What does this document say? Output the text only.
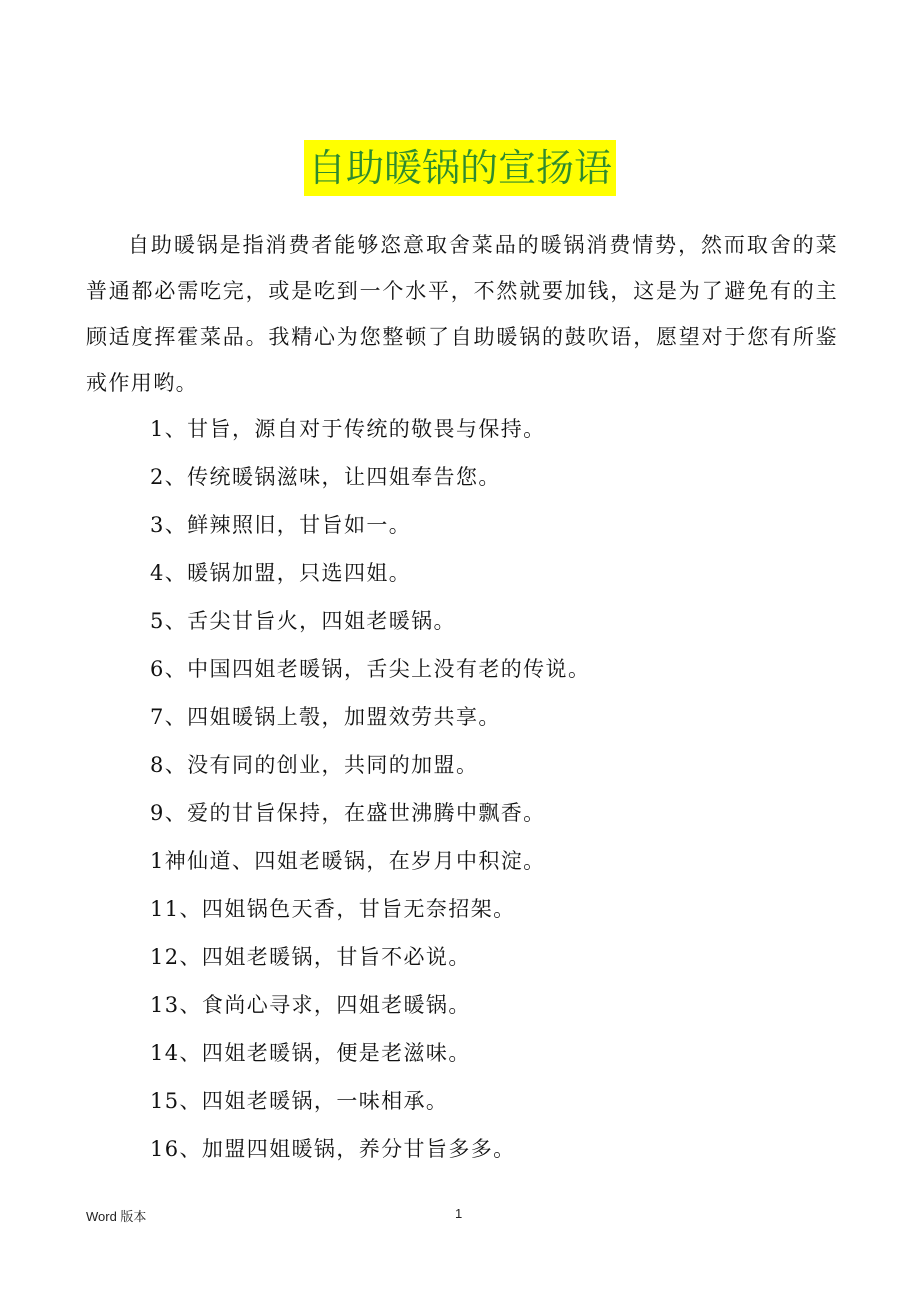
自助暖锅的宣扬语

自助暖锅是指消费者能够恣意取舍菜品的暖锅消费情势，然而取舍的菜普通都必需吃完，或是吃到一个水平，不然就要加钱，这是为了避免有的主顾适度挥霍菜品。我精心为您整顿了自助暖锅的鼓吹语，愿望对于您有所鉴戒作用哟。

1、甘旨，源自对于传统的敬畏与保持。
2、传统暖锅滋味，让四姐奉告您。
3、鲜辣照旧，甘旨如一。
4、暖锅加盟，只选四姐。
5、舌尖甘旨火，四姐老暖锅。
6、中国四姐老暖锅，舌尖上没有老的传说。
7、四姐暖锅上彀，加盟效劳共享。
8、没有同的创业，共同的加盟。
9、爱的甘旨保持，在盛世沸腾中飘香。
1神仙道、四姐老暖锅，在岁月中积淀。
11、四姐锅色天香，甘旨无奈招架。
12、四姐老暖锅，甘旨不必说。
13、食尚心寻求，四姐老暖锅。
14、四姐老暖锅，便是老滋味。
15、四姐老暖锅，一味相承。
16、加盟四姐暖锅，养分甘旨多多。
Word 版本	1
